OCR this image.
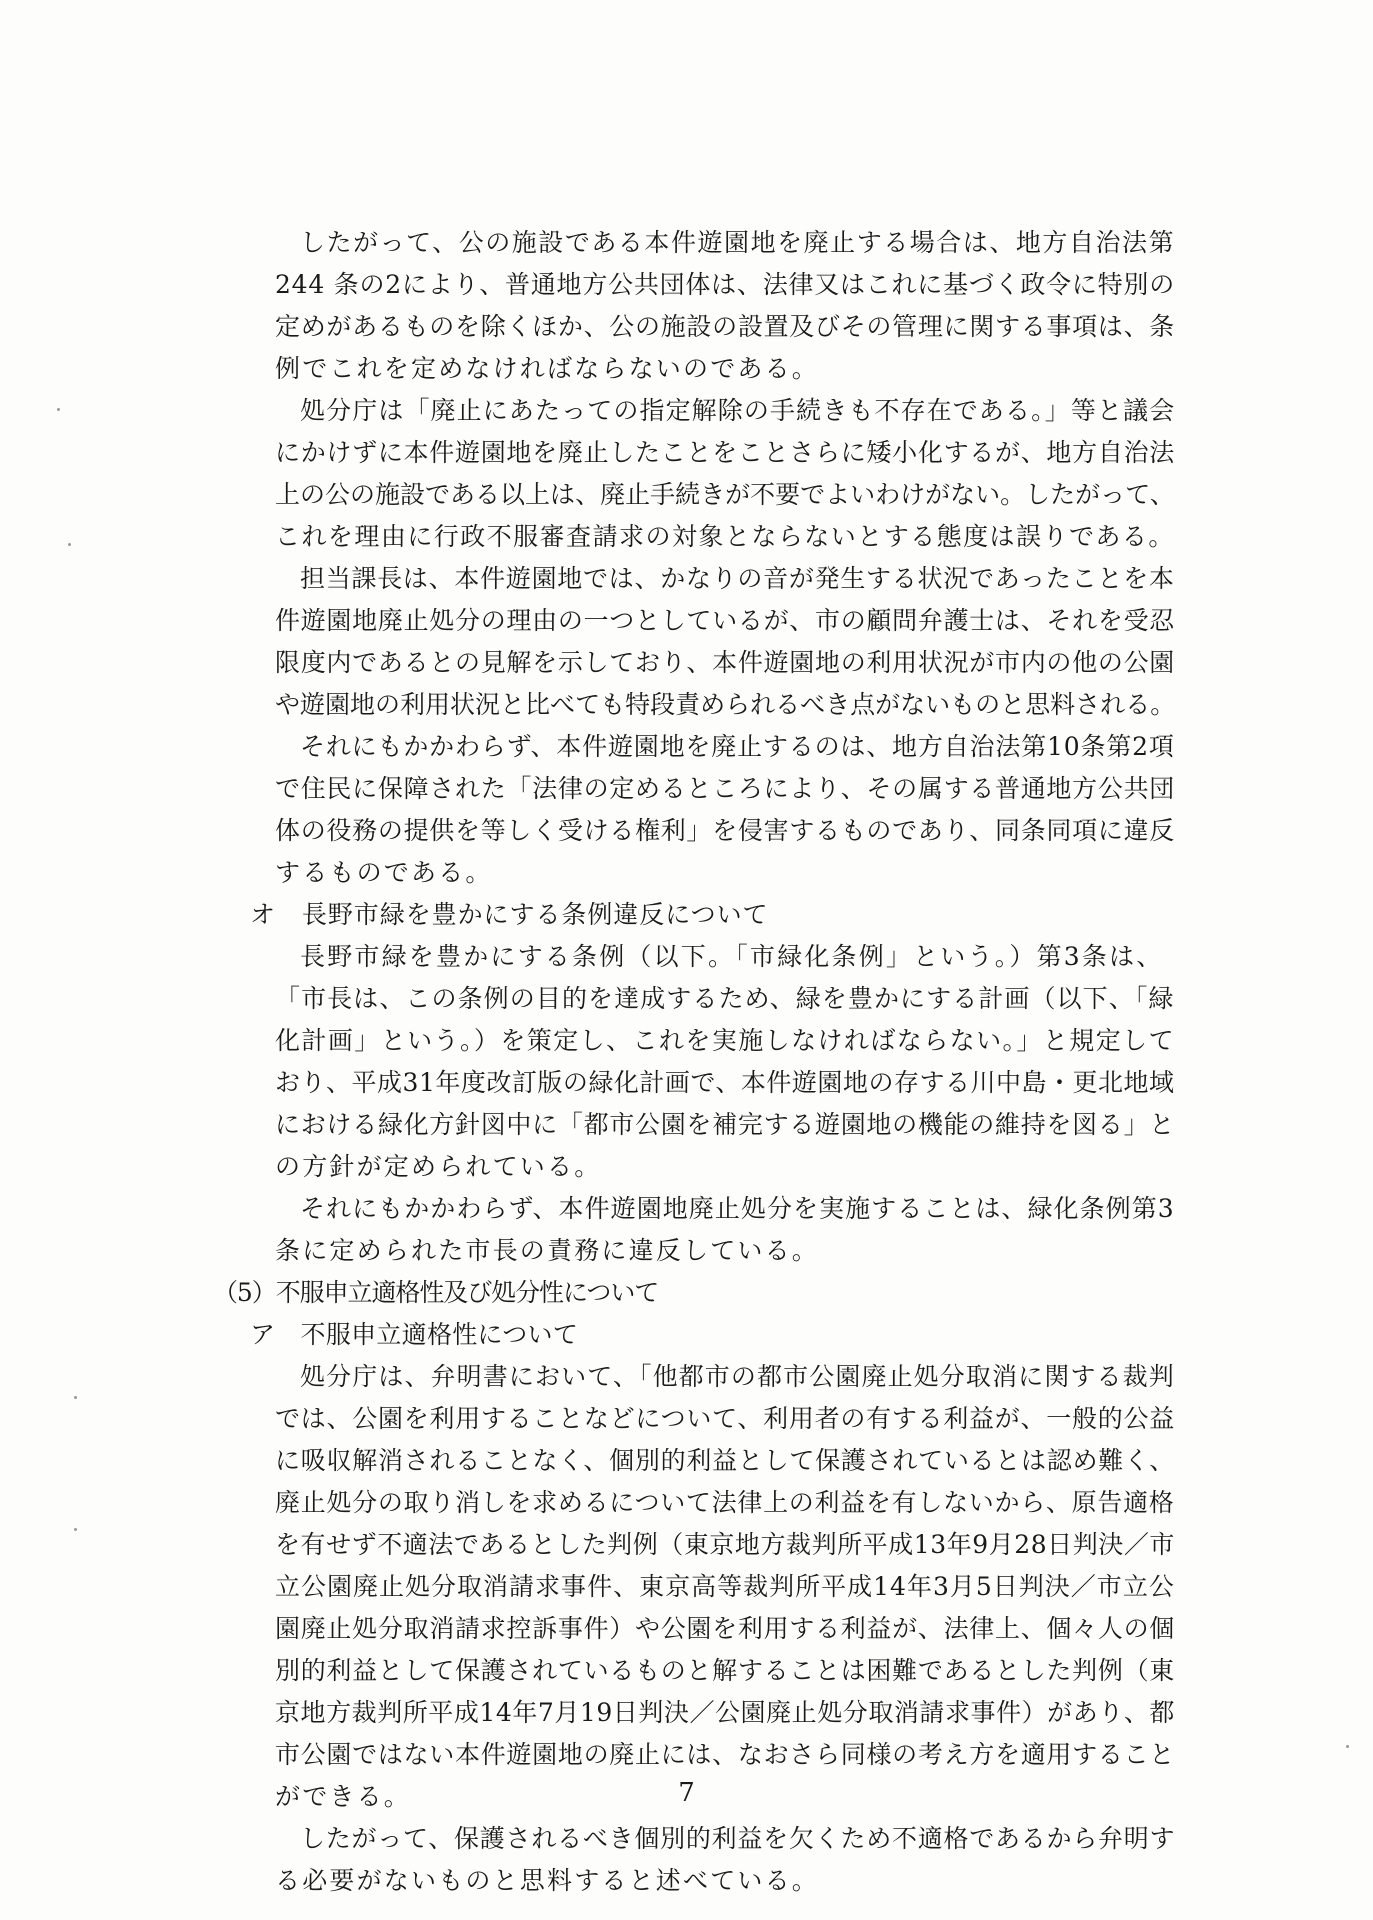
したがって、公の施設である本件遊園地を廃止する場合は、地方自治法第
244 条の2により、普通地方公共団体は、法律又はこれに基づく政令に特別の
定めがあるものを除くほか、公の施設の設置及びその管理に関する事項は、条
例でこれを定めなければならないのである。
処分庁は「廃止にあたっての指定解除の手続きも不存在である。」等と議会
にかけずに本件遊園地を廃止したことをことさらに矮小化するが、地方自治法
上の公の施設である以上は、廃止手続きが不要でよいわけがない。したがって、
これを理由に行政不服審査請求の対象とならないとする態度は誤りである。
担当課長は、本件遊園地では、かなりの音が発生する状況であったことを本
件遊園地廃止処分の理由の一つとしているが、市の顧問弁護士は、それを受忍
限度内であるとの見解を示しており、本件遊園地の利用状況が市内の他の公園
や遊園地の利用状況と比べても特段責められるべき点がないものと思料される。
それにもかかわらず、本件遊園地を廃止するのは、地方自治法第10条第2項
で住民に保障された「法律の定めるところにより、その属する普通地方公共団
体の役務の提供を等しく受ける権利」を侵害するものであり、同条同項に違反
するものである。
オ　長野市緑を豊かにする条例違反について
長野市緑を豊かにする条例（以下。「市緑化条例」という。）第3条は、
「市長は、この条例の目的を達成するため、緑を豊かにする計画（以下、「緑
化計画」という。）を策定し、これを実施しなければならない。」と規定して
おり、平成31年度改訂版の緑化計画で、本件遊園地の存する川中島・更北地域
における緑化方針図中に「都市公園を補完する遊園地の機能の維持を図る」と
の方針が定められている。
それにもかかわらず、本件遊園地廃止処分を実施することは、緑化条例第3
条に定められた市長の責務に違反している。
（5）不服申立適格性及び処分性について
ア　不服申立適格性について
処分庁は、弁明書において、「他都市の都市公園廃止処分取消に関する裁判
では、公園を利用することなどについて、利用者の有する利益が、一般的公益
に吸収解消されることなく、個別的利益として保護されているとは認め難く、
廃止処分の取り消しを求めるについて法律上の利益を有しないから、原告適格
を有せず不適法であるとした判例（東京地方裁判所平成13年9月28日判決／市
立公園廃止処分取消請求事件、東京高等裁判所平成14年3月5日判決／市立公
園廃止処分取消請求控訴事件）や公園を利用する利益が、法律上、個々人の個
別的利益として保護されているものと解することは困難であるとした判例（東
京地方裁判所平成14年7月19日判決／公園廃止処分取消請求事件）があり、都
市公園ではない本件遊園地の廃止には、なおさら同様の考え方を適用すること
ができる。
したがって、保護されるべき個別的利益を欠くため不適格であるから弁明す
る必要がないものと思料すると述べている。
7
